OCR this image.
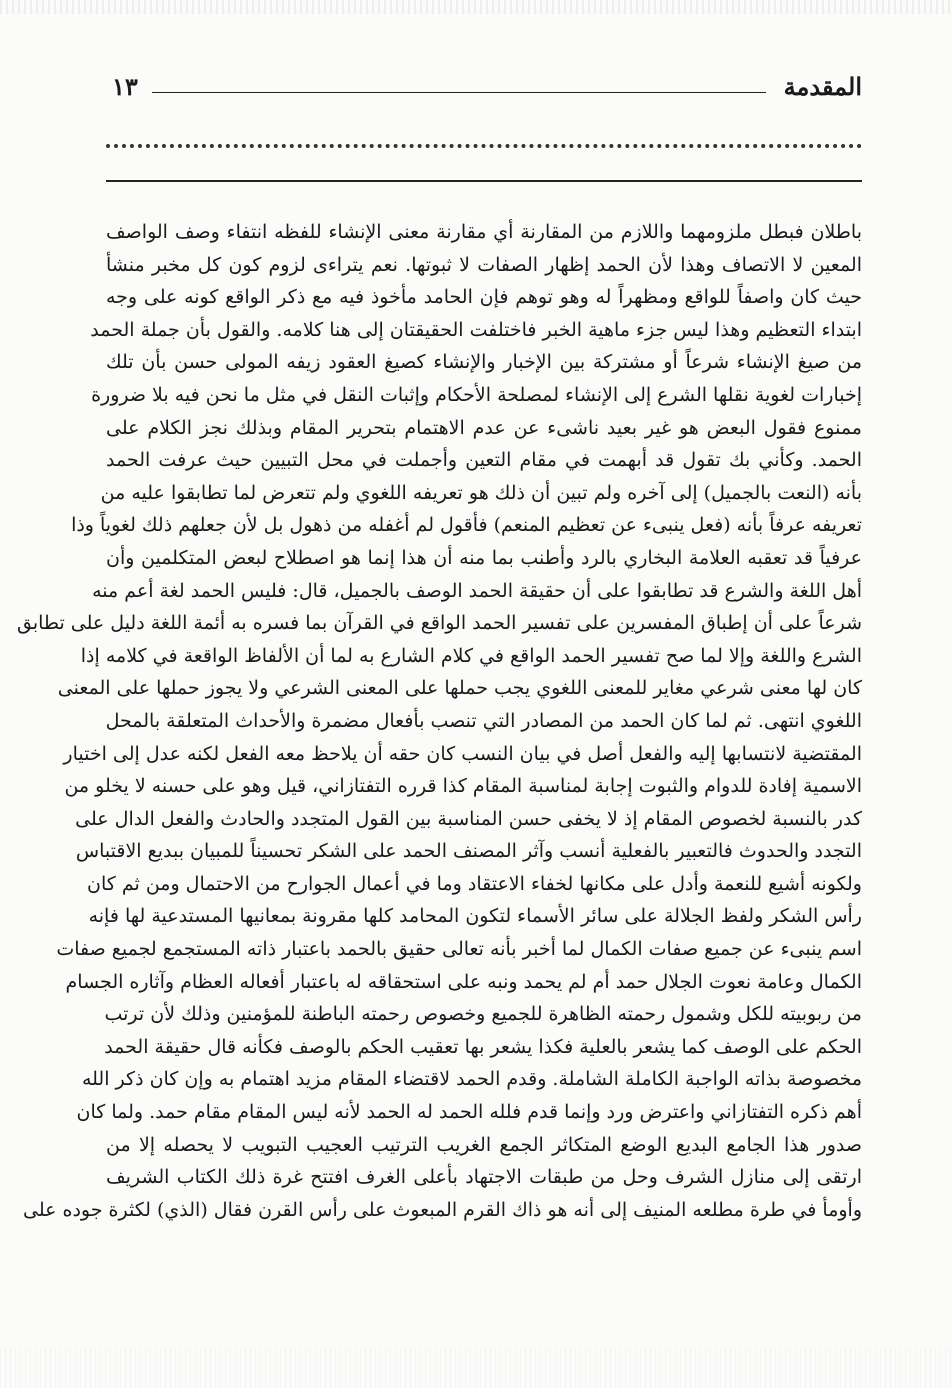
المقدمة
١٣
باطلان فبطل ملزومهما واللازم من المقارنة أي مقارنة معنى الإنشاء للفظه انتفاء وصف الواصف
المعين لا الاتصاف وهذا لأن الحمد إظهار الصفات لا ثبوتها. نعم يتراءى لزوم كون كل مخبر منشأ
حيث كان واصفاً للواقع ومظهراً له وهو توهم فإن الحامد مأخوذ فيه مع ذكر الواقع كونه على وجه
ابتداء التعظيم وهذا ليس جزء ماهية الخبر فاختلفت الحقيقتان إلى هنا كلامه. والقول بأن جملة الحمد
من صيغ الإنشاء شرعاً أو مشتركة بين الإخبار والإنشاء كصيغ العقود زيفه المولى حسن بأن تلك
إخبارات لغوية نقلها الشرع إلى الإنشاء لمصلحة الأحكام وإثبات النقل في مثل ما نحن فيه بلا ضرورة
ممنوع فقول البعض هو غير بعيد ناشىء عن عدم الاهتمام بتحرير المقام وبذلك نجز الكلام على
الحمد. وكأني بك تقول قد أبهمت في مقام التعين وأجملت في محل التبيين حيث عرفت الحمد
بأنه (النعت بالجميل) إلى آخره ولم تبين أن ذلك هو تعريفه اللغوي ولم تتعرض لما تطابقوا عليه من
تعريفه عرفاً بأنه (فعل ينبىء عن تعظيم المنعم) فأقول لم أغفله من ذهول بل لأن جعلهم ذلك لغوياً وذا
عرفياً قد تعقبه العلامة البخاري بالرد وأطنب بما منه أن هذا إنما هو اصطلاح لبعض المتكلمين وأن
أهل اللغة والشرع قد تطابقوا على أن حقيقة الحمد الوصف بالجميل، قال: فليس الحمد لغة أعم منه
شرعاً على أن إطباق المفسرين على تفسير الحمد الواقع في القرآن بما فسره به أئمة اللغة دليل على تطابق
الشرع واللغة وإلا لما صح تفسير الحمد الواقع في كلام الشارع به لما أن الألفاظ الواقعة في كلامه إذا
كان لها معنى شرعي مغاير للمعنى اللغوي يجب حملها على المعنى الشرعي ولا يجوز حملها على المعنى
اللغوي انتهى. ثم لما كان الحمد من المصادر التي تنصب بأفعال مضمرة والأحداث المتعلقة بالمحل
المقتضية لانتسابها إليه والفعل أصل في بيان النسب كان حقه أن يلاحظ معه الفعل لكنه عدل إلى اختيار
الاسمية إفادة للدوام والثبوت إجابة لمناسبة المقام كذا قرره التفتازاني، قيل وهو على حسنه لا يخلو من
كدر بالنسبة لخصوص المقام إذ لا يخفى حسن المناسبة بين القول المتجدد والحادث والفعل الدال على
التجدد والحدوث فالتعبير بالفعلية أنسب وآثر المصنف الحمد على الشكر تحسيناً للمبيان ببديع الاقتباس
ولكونه أشيع للنعمة وأدل على مكانها لخفاء الاعتقاد وما في أعمال الجوارح من الاحتمال ومن ثم كان
رأس الشكر ولفظ الجلالة على سائر الأسماء لتكون المحامد كلها مقرونة بمعانيها المستدعية لها فإنه
اسم ينبىء عن جميع صفات الكمال لما أخبر بأنه تعالى حقيق بالحمد باعتبار ذاته المستجمع لجميع صفات
الكمال وعامة نعوت الجلال حمد أم لم يحمد ونبه على استحقاقه له باعتبار أفعاله العظام وآثاره الجسام
من ربوبيته للكل وشمول رحمته الظاهرة للجميع وخصوص رحمته الباطنة للمؤمنين وذلك لأن ترتب
الحكم على الوصف كما يشعر بالعلية فكذا يشعر بها تعقيب الحكم بالوصف فكأنه قال حقيقة الحمد
مخصوصة بذاته الواجبة الكاملة الشاملة. وقدم الحمد لاقتضاء المقام مزيد اهتمام به وإن كان ذكر الله
أهم ذكره التفتازاني واعترض ورد وإنما قدم فلله الحمد له الحمد لأنه ليس المقام مقام حمد. ولما كان
صدور هذا الجامع البديع الوضع المتكاثر الجمع الغريب الترتيب العجيب التبويب لا يحصله إلا من
ارتقى إلى منازل الشرف وحل من طبقات الاجتهاد بأعلى الغرف افتتح غرة ذلك الكتاب الشريف
وأومأ في طرة مطلعه المنيف إلى أنه هو ذاك القرم المبعوث على رأس القرن فقال (الذي) لكثرة جوده على
